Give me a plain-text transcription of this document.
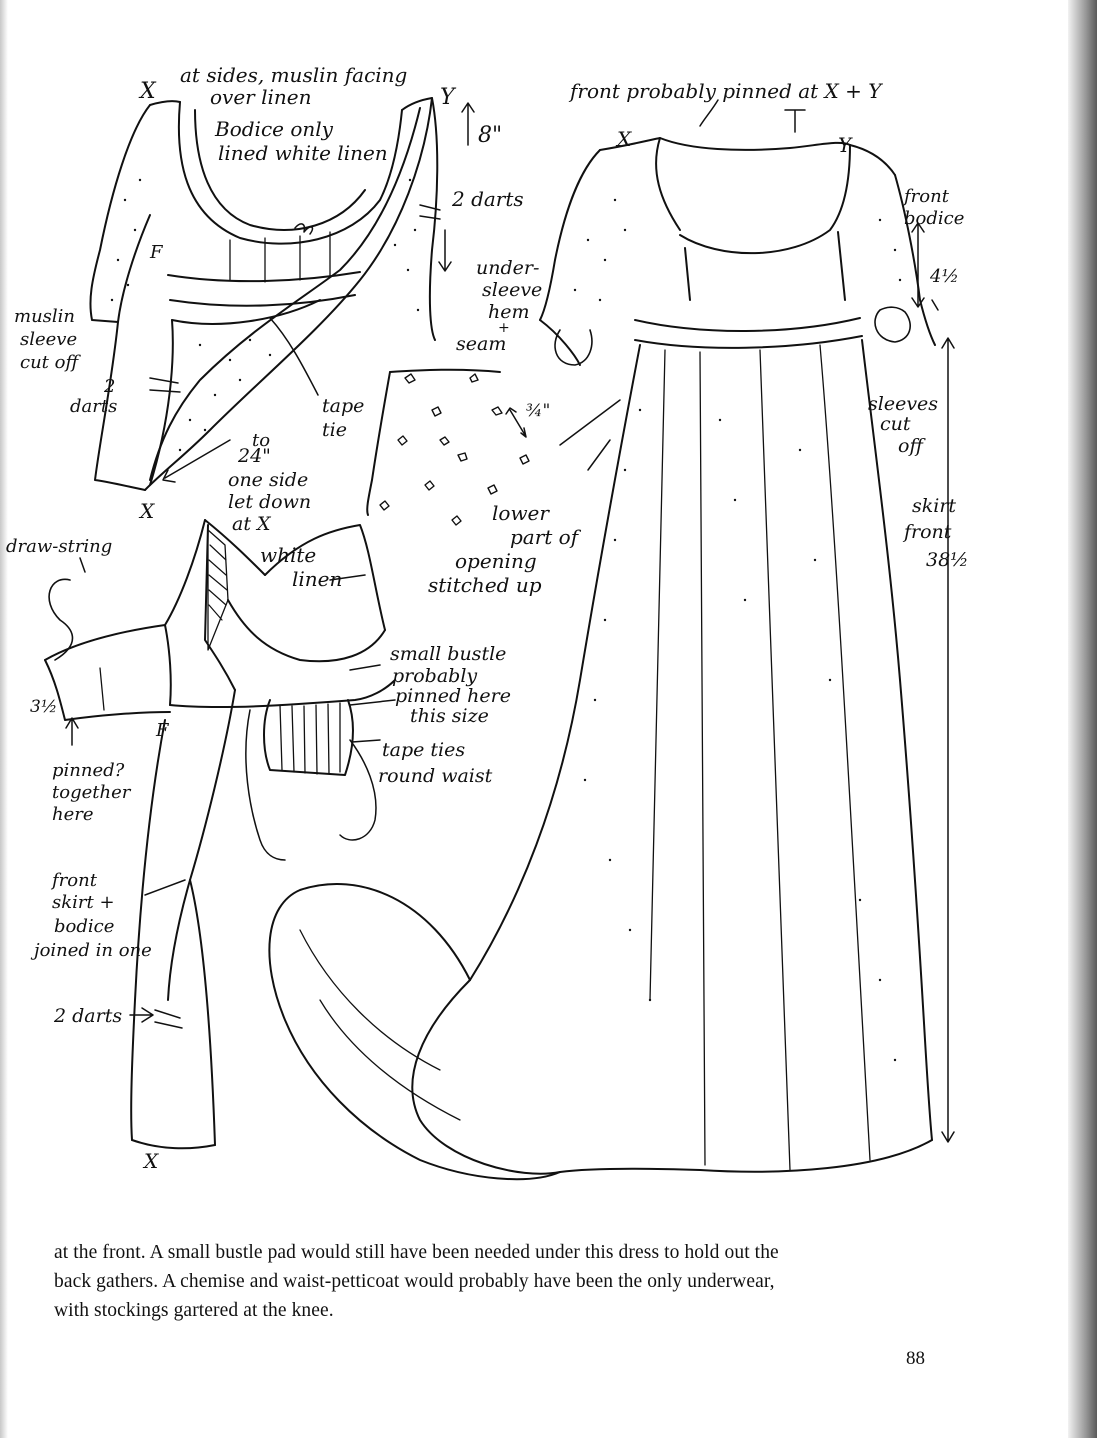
X
at sides, muslin facing
over linen	Y
Bodice only
lined white linen
8"
2 darts
F
muslin
sleeve
cut off
2
darts	tape
tie
to
24"
one side
let down
at X
X
front probably pinned at X + Y
X	Y
front
bodice
4½
under-
sleeve
hem
+
seam
¾"	sleeves
cut
off
lower
part of
opening
stitched up
skirt
front
38½
draw-string	white
linen
small bustle
probably
pinned here
this size
tape ties
round waist
3½
F
pinned?
together
here
front
skirt +
bodice
joined in one
2 darts
X

at the front. A small bustle pad would still have been needed under this dress to hold out the

back gathers. A chemise and waist-petticoat would probably have been the only underwear,

with stockings gartered at the knee.

88
